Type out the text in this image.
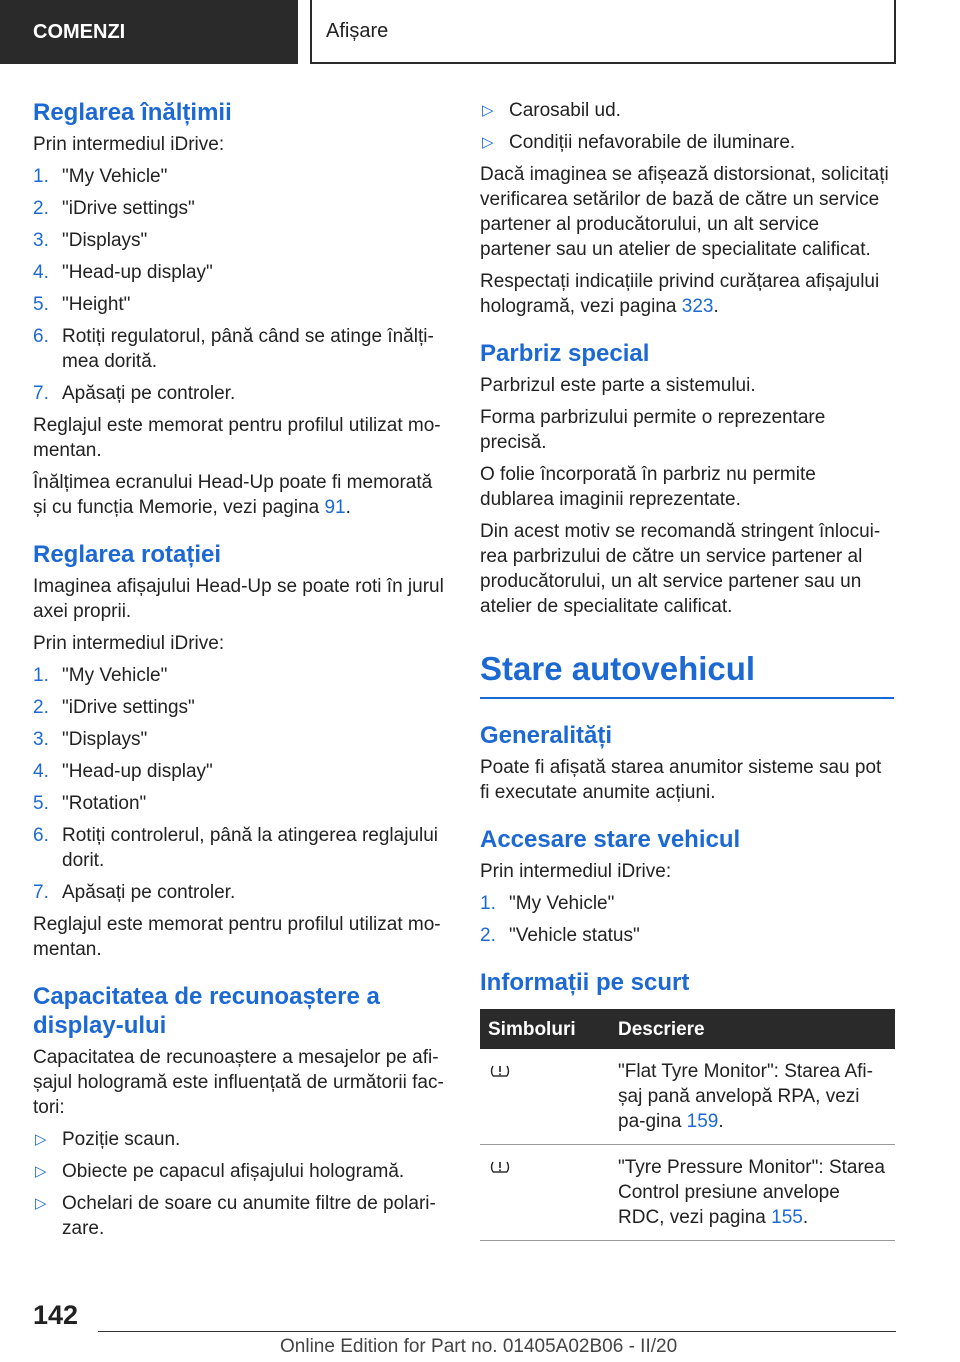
COMENZI	Afișare
Reglarea înălțimii

Prin intermediul iDrive:

1. "My Vehicle"
2. "iDrive settings"
3. "Displays"
4. "Head-up display"
5. "Height"
6. Rotiți regulatorul, până când se atinge înălți-mea dorită.
7. Apăsați pe controler.

Reglajul este memorat pentru profilul utilizat mo-mentan.

Înălțimea ecranului Head-Up poate fi memorată și cu funcția Memorie, vezi pagina 91.

Reglarea rotației

Imaginea afișajului Head-Up se poate roti în jurul axei proprii.

Prin intermediul iDrive:

1. "My Vehicle"
2. "iDrive settings"
3. "Displays"
4. "Head-up display"
5. "Rotation"
6. Rotiți controlerul, până la atingerea reglajului dorit.
7. Apăsați pe controler.

Reglajul este memorat pentru profilul utilizat mo-mentan.

Capacitatea de recunoaștere a display-ului

Capacitatea de recunoaștere a mesajelor pe afi-șajul hologramă este influențată de următorii fac-tori:

▷ Poziție scaun.
▷ Obiecte pe capacul afișajului hologramă.
▷ Ochelari de soare cu anumite filtre de polari-zare.
▷ Carosabil ud.
▷ Condiții nefavorabile de iluminare.

Dacă imaginea se afișează distorsionat, solicitați verificarea setărilor de bază de către un service partener al producătorului, un alt service partener sau un atelier de specialitate calificat.

Respectați indicațiile privind curățarea afișajului hologramă, vezi pagina 323.

Parbriz special

Parbrizul este parte a sistemului.

Forma parbrizului permite o reprezentare precisă.

O folie încorporată în parbriz nu permite dublarea imaginii reprezentate.

Din acest motiv se recomandă stringent înlocui-rea parbrizului de către un service partener al producătorului, un alt service partener sau un atelier de specialitate calificat.

Stare autovehicul
Generalități

Poate fi afișată starea anumitor sisteme sau pot fi executate anumite acțiuni.

Accesare stare vehicul

Prin intermediul iDrive:

1. "My Vehicle"
2. "Vehicle status"
Informații pe scurt
Simboluri	Descriere
	"Flat Tyre Monitor": Starea Afi-șaj pană anvelopă RPA, vezi pa-gina 159.
	"Tyre Pressure Monitor": Starea Control presiune anvelope RDC, vezi pagina 155.
142
Online Edition for Part no. 01405A02B06 - II/20
